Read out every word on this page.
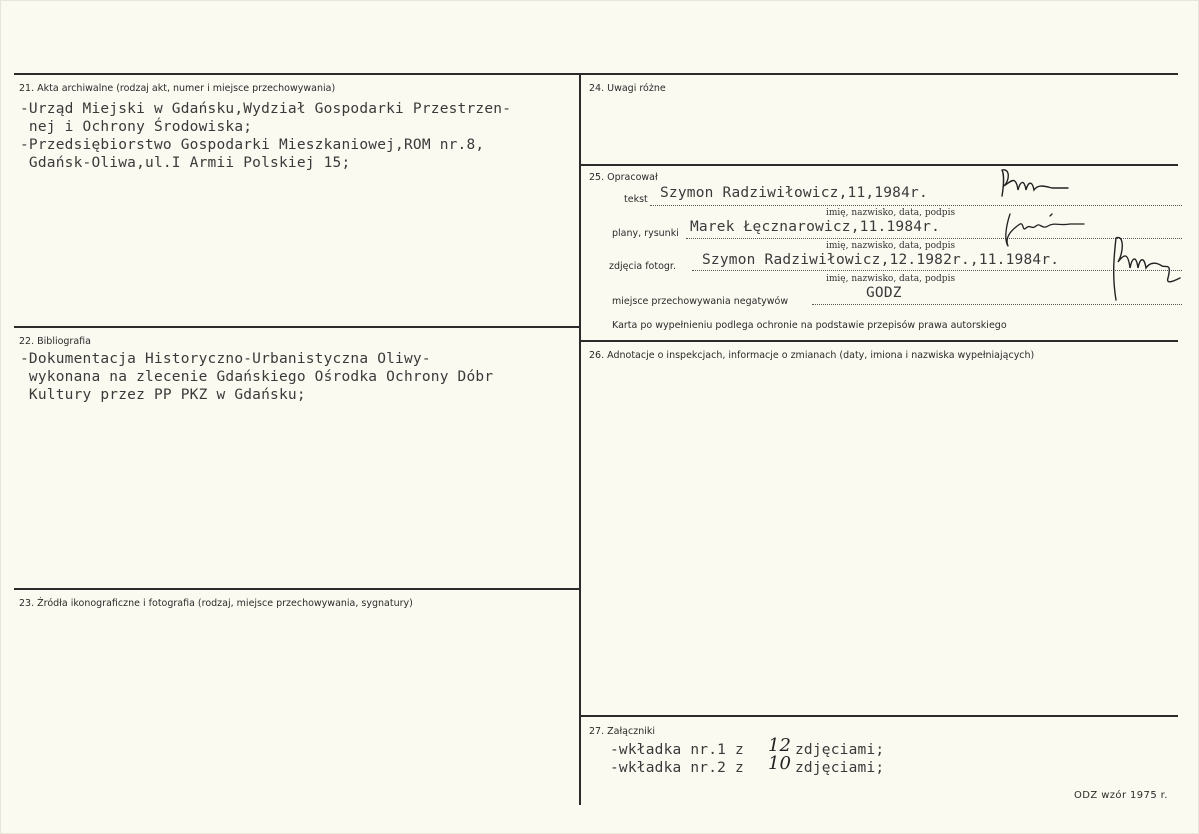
21. Akta archiwalne (rodzaj akt, numer i miejsce przechowywania)
-Urząd Miejski w Gdańsku,Wydział Gospodarki Przestrzen-
nej i Ochrony Środowiska;
-Przedsiębiorstwo Gospodarki Mieszkaniowej,ROM nr.8,
Gdańsk-Oliwa,ul.I Armii Polskiej 15;
22. Bibliografia
-Dokumentacja Historyczno-Urbanistyczna Oliwy-
wykonana na zlecenie Gdańskiego Ośrodka Ochrony Dóbr
Kultury przez PP PKZ w Gdańsku;
23. Źródła ikonograficzne i fotografia (rodzaj, miejsce przechowywania, sygnatury)
24. Uwagi różne
25. Opracował
tekst Szymon Radziwiłowicz,11,1984r.
imię, nazwisko, data, podpis
plany, rysunki Marek Łęcznarowicz,11.1984r.
imię, nazwisko, data, podpis
zdjęcia fotogr. Szymon Radziwiłowicz,12.1982r.,11.1984r.
imię, nazwisko, data, podpis
miejsce przechowywania negatywów
GODZ
Karta po wypełnieniu podlega ochronie na podstawie przepisów prawa autorskiego
26. Adnotacje o inspekcjach, informacje o zmianach (daty, imiona i nazwiska wypełniających)
27. Załączniki
-wkładka nr.1 z 12 zdjęciami;
-wkładka nr.2 z 10 zdjęciami;
ODZ wzór 1975 r.
